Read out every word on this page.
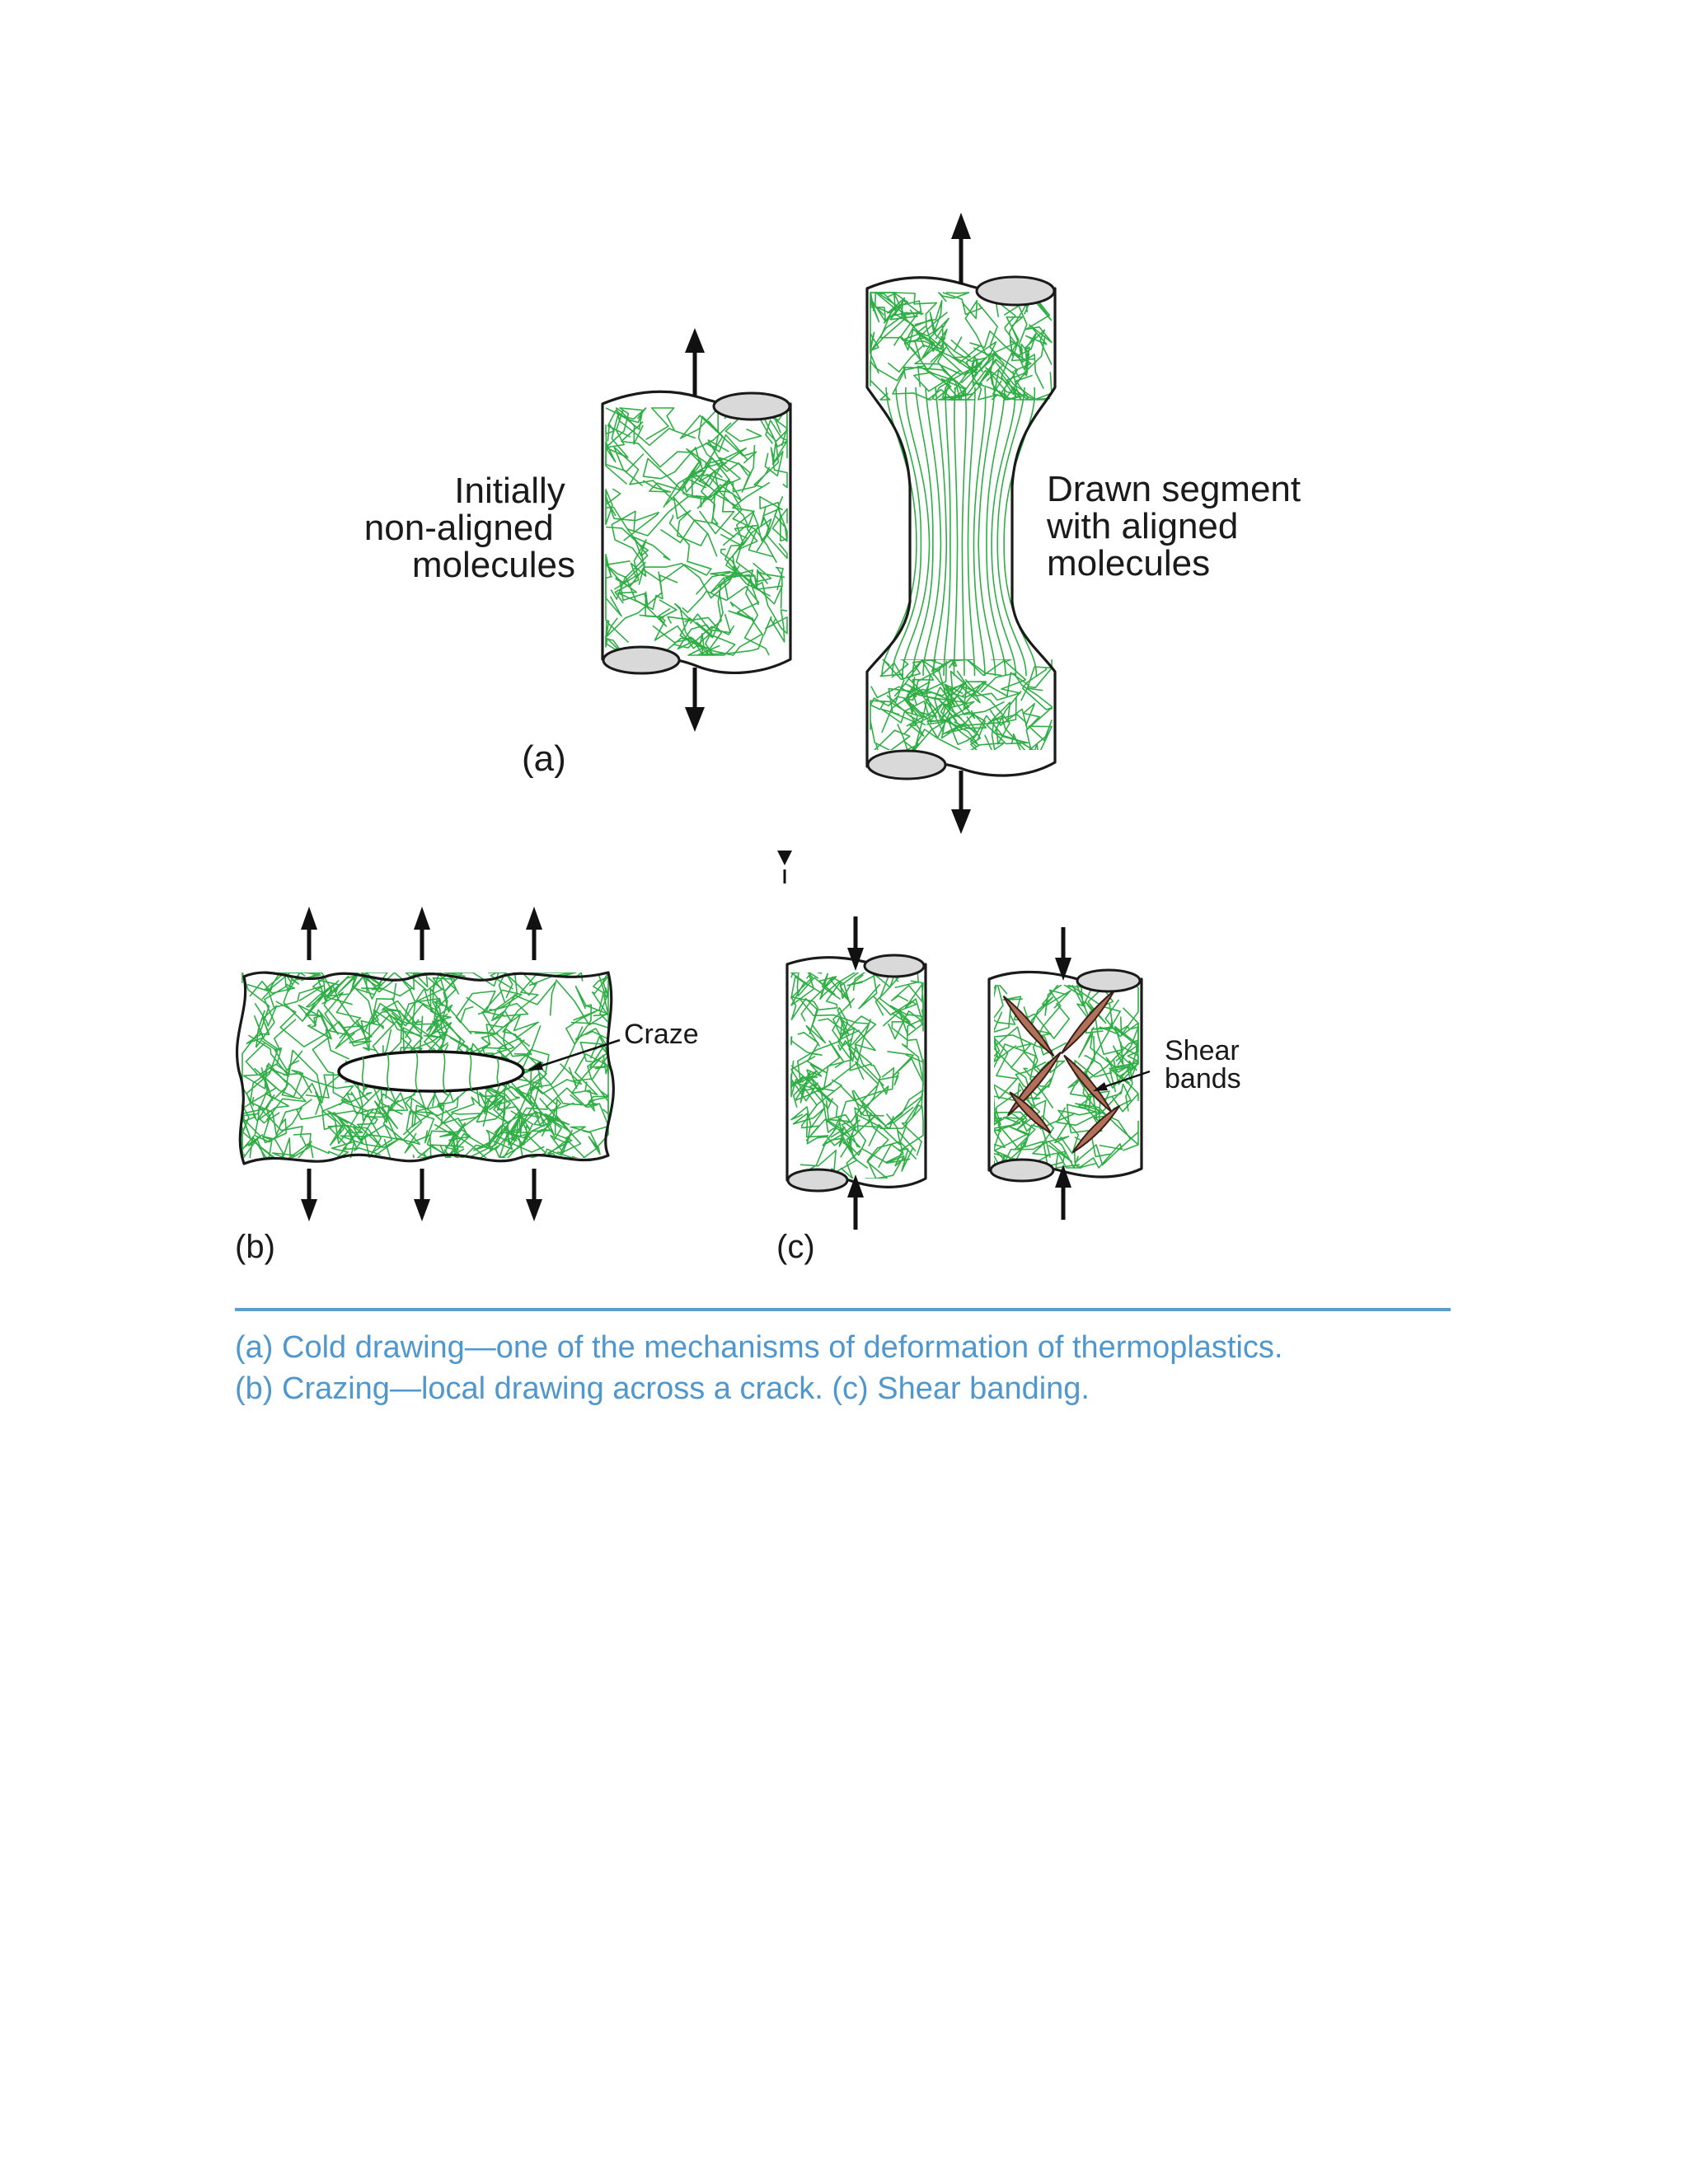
Initially non-aligned molecules
Drawn segment with aligned molecules
(a)
Craze
(b)
Shear bands
(c)

(a) Cold drawing—one of the mechanisms of deformation of thermoplastics.
(b) Crazing—local drawing across a crack. (c) Shear banding.
